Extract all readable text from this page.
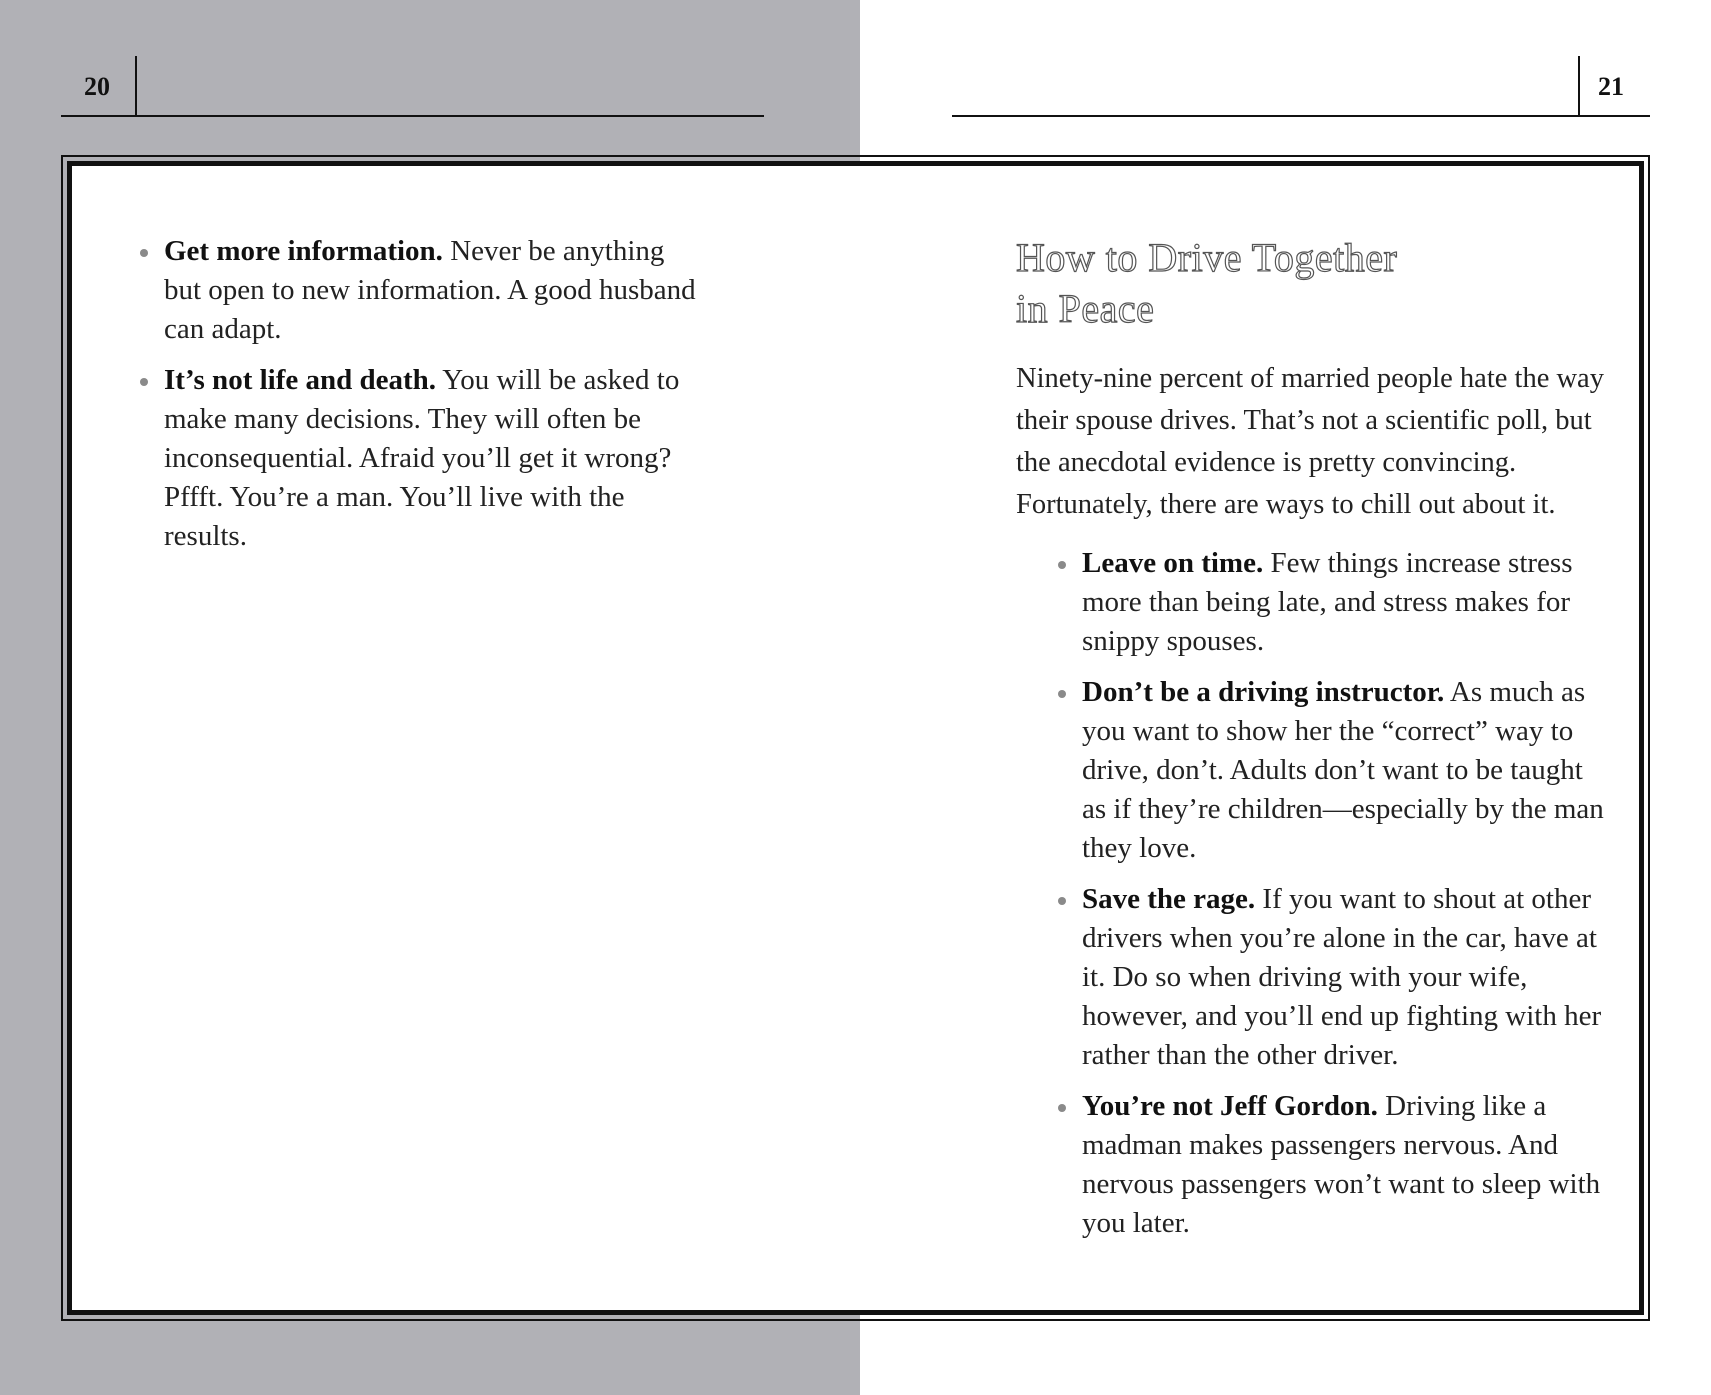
20	21
Get more information. Never be anything but open to new information. A good husband can adapt.
It’s not life and death. You will be asked to make many decisions. They will often be inconsequential. Afraid you’ll get it wrong? Pffft. You’re a man. You’ll live with the results.
How to Drive Together
in Peace

Ninety-nine percent of married people hate the way their spouse drives. That’s not a scientific poll, but the anecdotal evidence is pretty convincing. Fortunately, there are ways to chill out about it.

Leave on time. Few things increase stress more than being late, and stress makes for snippy spouses.
Don’t be a driving instructor. As much as you want to show her the “correct” way to drive, don’t. Adults don’t want to be taught as if they’re children—especially by the man they love.
Save the rage. If you want to shout at other drivers when you’re alone in the car, have at it. Do so when driving with your wife, however, and you’ll end up fighting with her rather than the other driver.
You’re not Jeff Gordon. Driving like a madman makes passengers nervous. And nervous passengers won’t want to sleep with you later.
